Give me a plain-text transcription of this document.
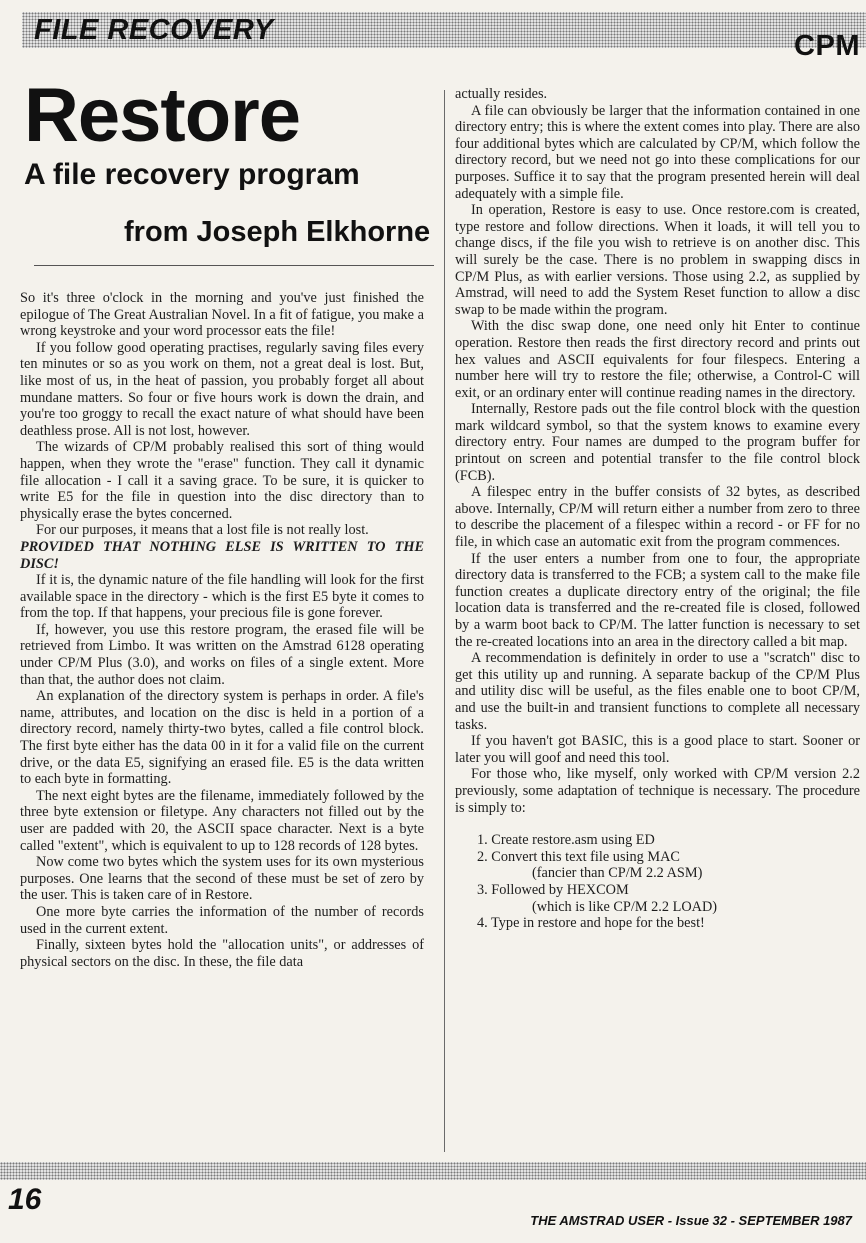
FILE RECOVERY	CPM
Restore
A file recovery program
from Joseph Elkhorne

So it's three o'clock in the morning and you've just finished the epilogue of The Great Australian Novel. In a fit of fatigue, you make a wrong keystroke and your word processor eats the file!

If you follow good operating practises, regularly saving files every ten minutes or so as you work on them, not a great deal is lost. But, like most of us, in the heat of passion, you probably forget all about mundane matters. So four or five hours work is down the drain, and you're too groggy to recall the exact nature of what should have been deathless prose. All is not lost, however.

The wizards of CP/M probably realised this sort of thing would happen, when they wrote the "erase" function. They call it dynamic file allocation - I call it a saving grace. To be sure, it is quicker to write E5 for the file in question into the disc directory than to physically erase the bytes concerned.

For our purposes, it means that a lost file is not really lost.

PROVIDED THAT NOTHING ELSE IS WRITTEN TO THE DISC!

If it is, the dynamic nature of the file handling will look for the first available space in the directory - which is the first E5 byte it comes to from the top. If that happens, your precious file is gone forever.

If, however, you use this restore program, the erased file will be retrieved from Limbo. It was written on the Amstrad 6128 operating under CP/M Plus (3.0), and works on files of a single extent. More than that, the author does not claim.

An explanation of the directory system is perhaps in order. A file's name, attributes, and location on the disc is held in a portion of a directory record, namely thirty-two bytes, called a file control block. The first byte either has the data 00 in it for a valid file on the current drive, or the data E5, signifying an erased file. E5 is the data written to each byte in formatting.

The next eight bytes are the filename, immediately followed by the three byte extension or filetype. Any characters not filled out by the user are padded with 20, the ASCII space character. Next is a byte called "extent", which is equivalent to up to 128 records of 128 bytes.

Now come two bytes which the system uses for its own mysterious purposes. One learns that the second of these must be set of zero by the user. This is taken care of in Restore.

One more byte carries the information of the number of records used in the current extent.

Finally, sixteen bytes hold the "allocation units", or addresses of physical sectors on the disc. In these, the file data

actually resides.

A file can obviously be larger that the information contained in one directory entry; this is where the extent comes into play. There are also four additional bytes which are calculated by CP/M, which follow the directory record, but we need not go into these complications for our purposes. Suffice it to say that the program presented herein will deal adequately with a simple file.

In operation, Restore is easy to use. Once restore.com is created, type restore and follow directions. When it loads, it will tell you to change discs, if the file you wish to retrieve is on another disc. This will surely be the case. There is no problem in swapping discs in CP/M Plus, as with earlier versions. Those using 2.2, as supplied by Amstrad, will need to add the System Reset function to allow a disc swap to be made within the program.

With the disc swap done, one need only hit Enter to continue operation. Restore then reads the first directory record and prints out hex values and ASCII equivalents for four filespecs. Entering a number here will try to restore the file; otherwise, a Control-C will exit, or an ordinary enter will continue reading names in the directory.

Internally, Restore pads out the file control block with the question mark wildcard symbol, so that the system knows to examine every directory entry. Four names are dumped to the program buffer for printout on screen and potential transfer to the file control block (FCB).

A filespec entry in the buffer consists of 32 bytes, as described above. Internally, CP/M will return either a number from zero to three to describe the placement of a filespec within a record - or FF for no file, in which case an automatic exit from the program commences.

If the user enters a number from one to four, the appropriate directory data is transferred to the FCB; a system call to the make file function creates a duplicate directory entry of the original; the file location data is transferred and the re-created file is closed, followed by a warm boot back to CP/M. The latter function is necessary to set the re-created locations into an area in the directory called a bit map.

A recommendation is definitely in order to use a "scratch" disc to get this utility up and running. A separate backup of the CP/M Plus and utility disc will be useful, as the files enable one to boot CP/M, and use the built-in and transient functions to complete all necessary tasks.

If you haven't got BASIC, this is a good place to start. Sooner or later you will goof and need this tool.

For those who, like myself, only worked with CP/M version 2.2 previously, some adaptation of technique is necessary. The procedure is simply to:

1. Create restore.asm using ED
2. Convert this text file using MAC
(fancier than CP/M 2.2 ASM)
3. Followed by HEXCOM
(which is like CP/M 2.2 LOAD)
4. Type in restore and hope for the best!
16
THE AMSTRAD USER - Issue 32 - SEPTEMBER 1987
